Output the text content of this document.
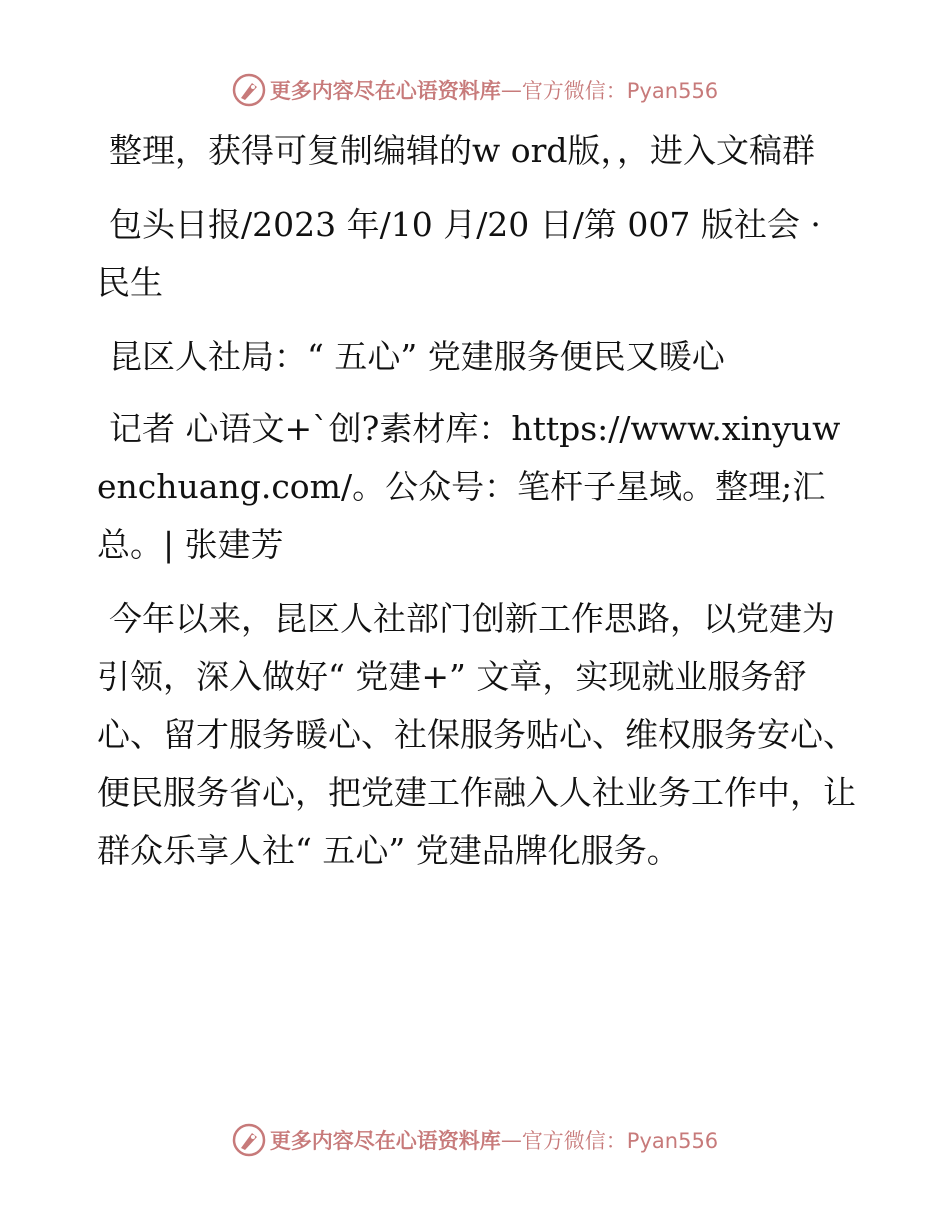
更多内容尽在心语资料库 — 官方微信：Pyan556

整理，获得可复制编辑的w ord版，，进入文稿群

包头日报/2023 年/10 月/20 日/第 007 版社会 · 民生

昆区人社局：“ 五心” 党建服务便民又暖心

记者 心语文+`创?素材库：https://www.xinyuwenchuang.com/。公众号：笔杆子星域。整理;汇总。| 张建芳

今年以来，昆区人社部门创新工作思路，以党建为引领，深入做好“ 党建+” 文章，实现就业服务舒心、留才服务暖心、社保服务贴心、维权服务安心、便民服务省心，把党建工作融入人社业务工作中，让群众乐享人社“ 五心” 党建品牌化服务。

更多内容尽在心语资料库 — 官方微信：Pyan556
